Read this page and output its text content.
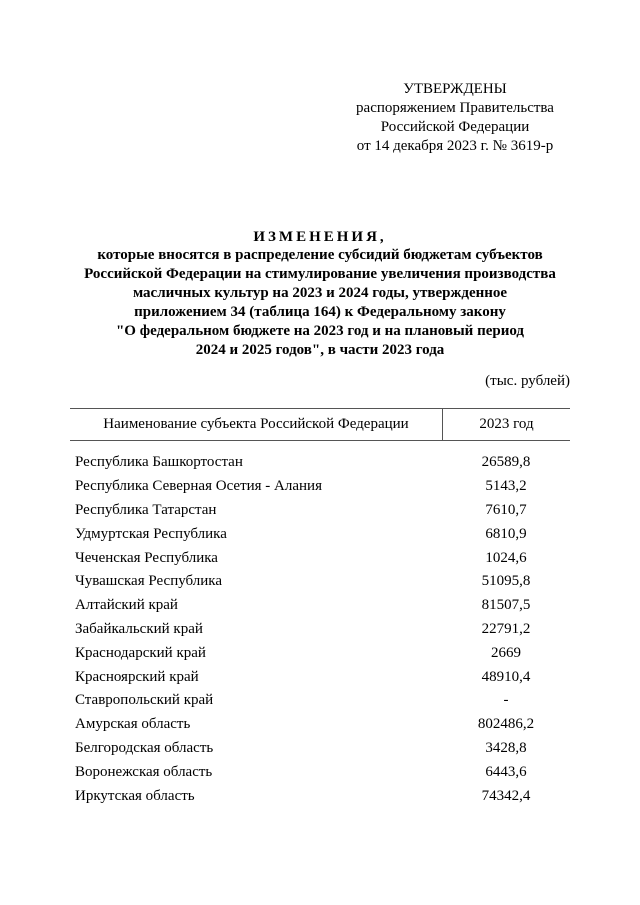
УТВЕРЖДЕНЫ
распоряжением Правительства
Российской Федерации
от 14 декабря 2023 г. № 3619-р
ИЗМЕНЕНИЯ,
которые вносятся в распределение субсидий бюджетам субъектов
Российской Федерации на стимулирование увеличения производства
масличных культур на 2023 и 2024 годы, утвержденное
приложением 34 (таблица 164) к Федеральному закону
"О федеральном бюджете на 2023 год и на плановый период
2024 и 2025 годов", в части 2023 года
(тыс. рублей)
Наименование субъекта Российской Федерации	2023 год
Республика Башкортостан	26589,8
Республика Северная Осетия - Алания	5143,2
Республика Татарстан	7610,7
Удмуртская Республика	6810,9
Чеченская Республика	1024,6
Чувашская Республика	51095,8
Алтайский край	81507,5
Забайкальский край	22791,2
Краснодарский край	2669
Красноярский край	48910,4
Ставропольский край	-
Амурская область	802486,2
Белгородская область	3428,8
Воронежская область	6443,6
Иркутская область	74342,4
